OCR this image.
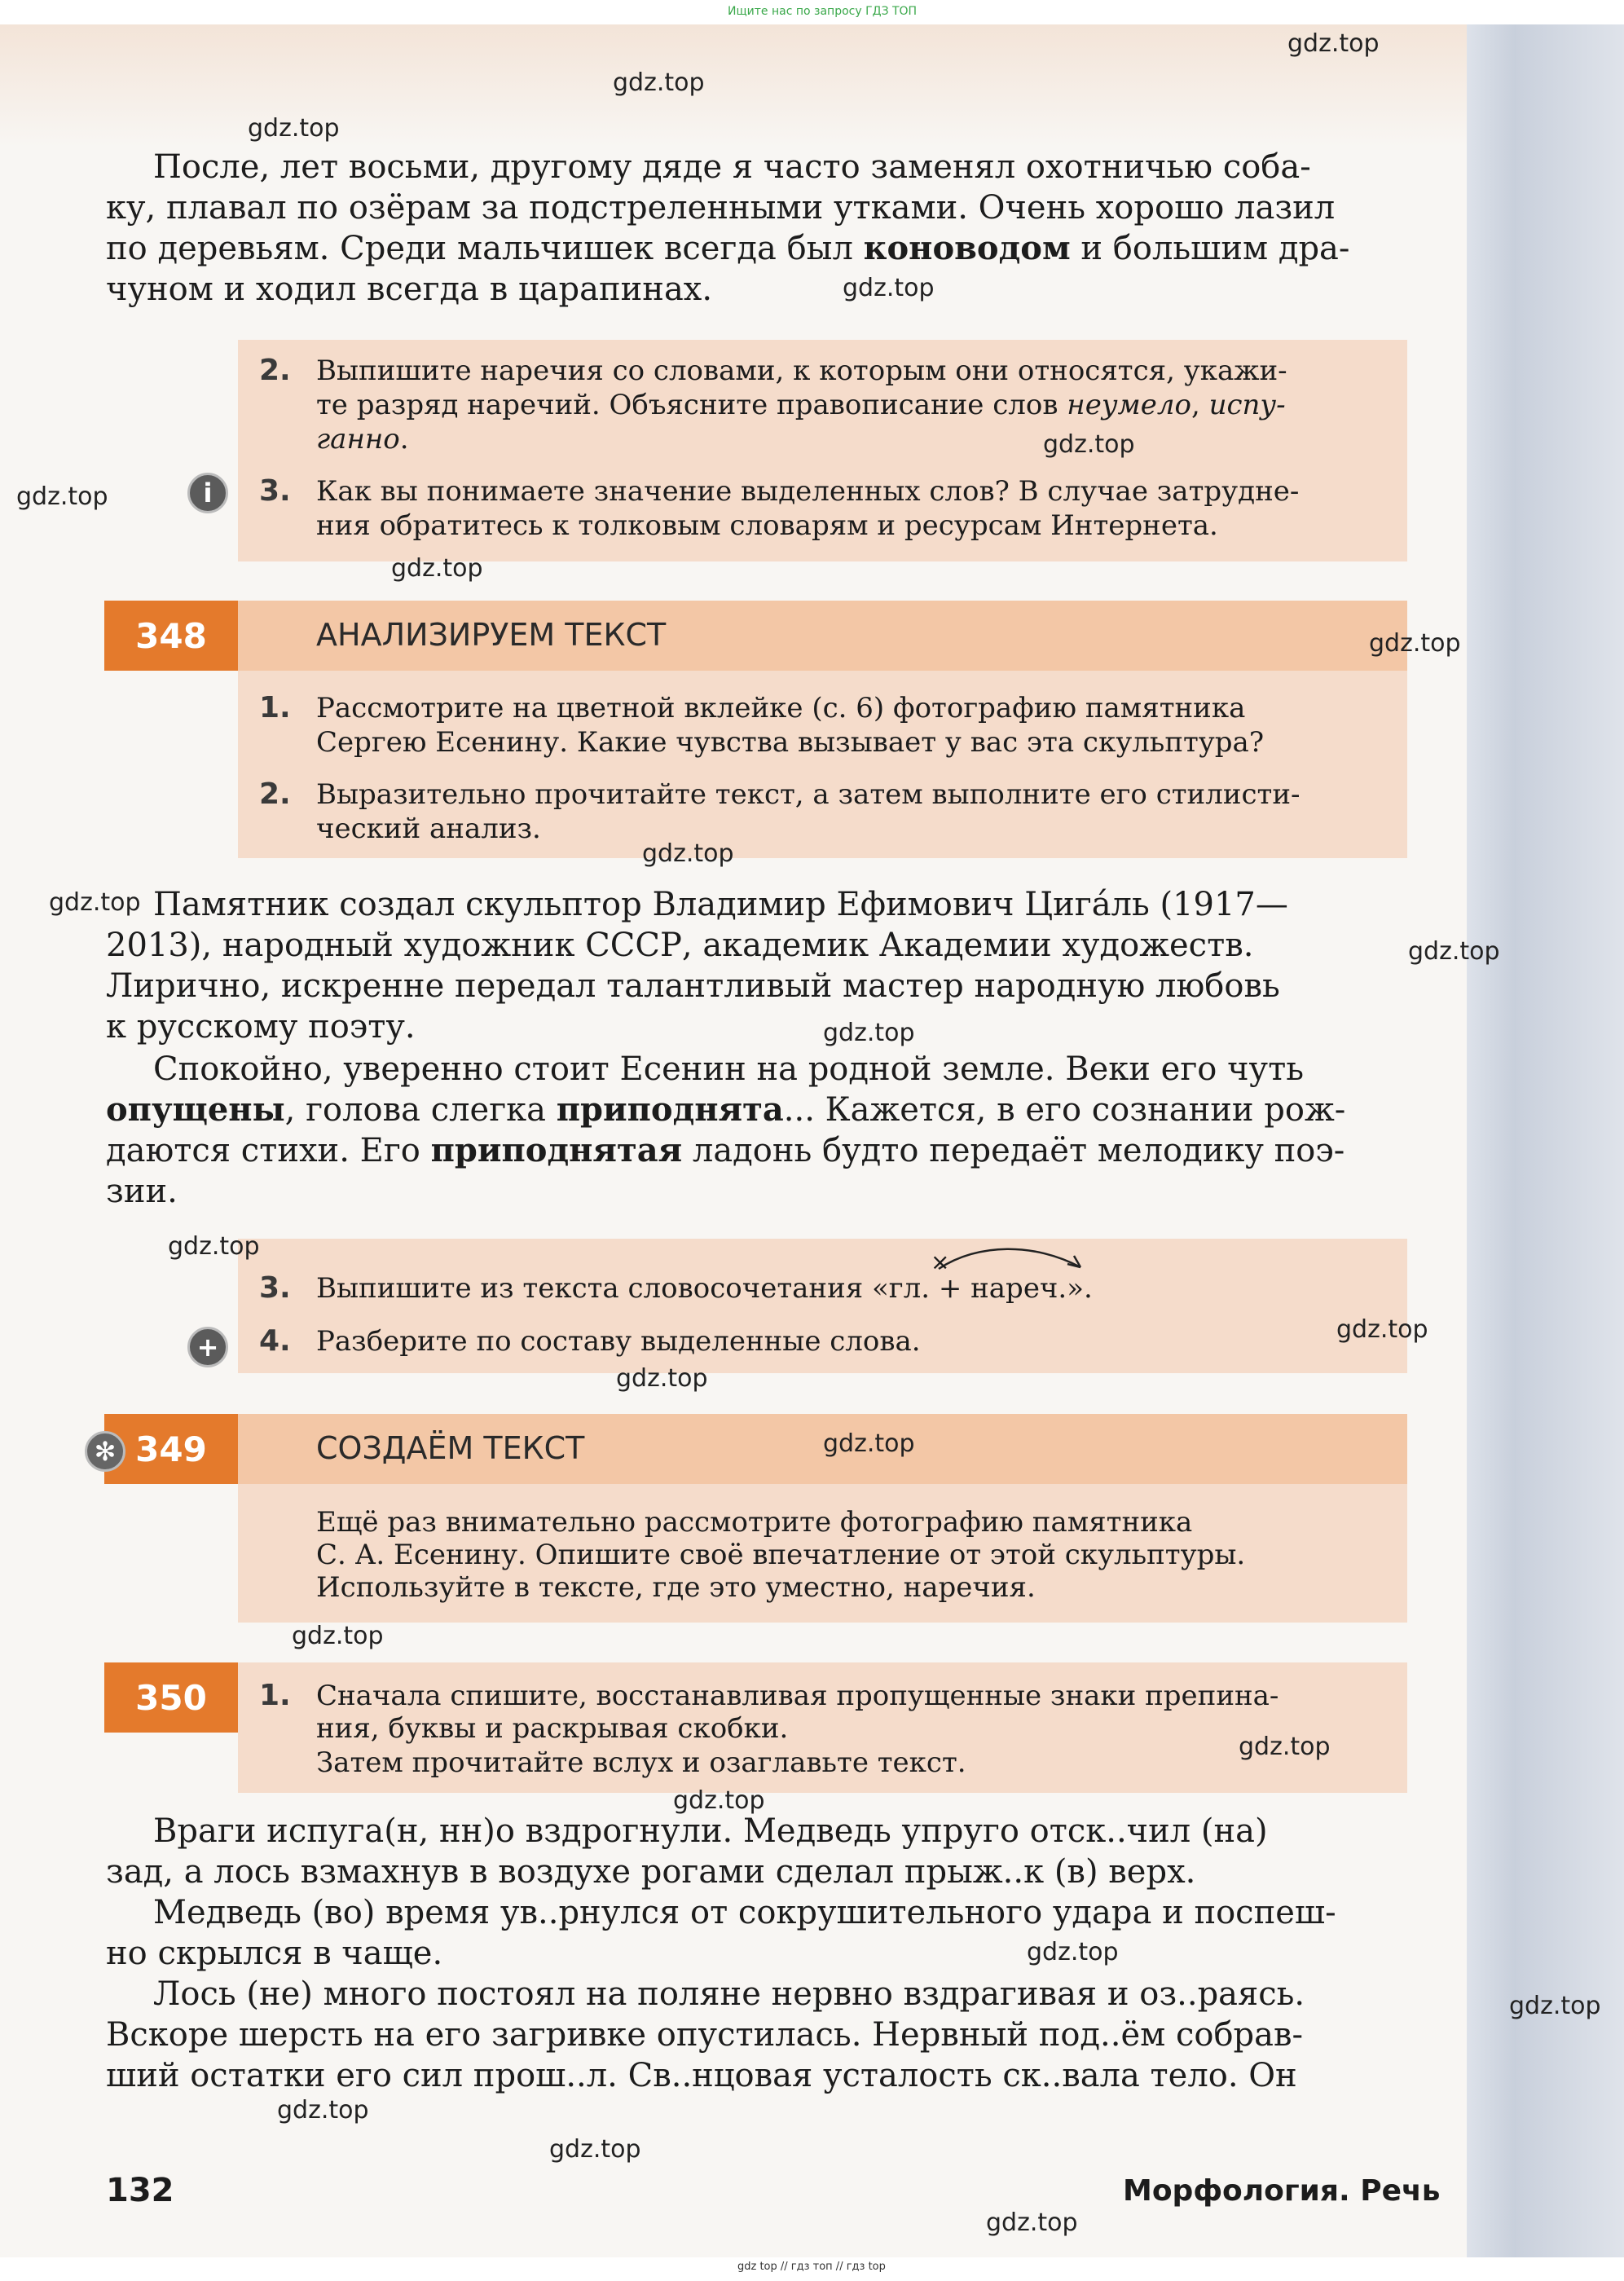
Ищите нас по запросу ГДЗ ТОП
После, лет восьми, другому дяде я часто заменял охотничью соба-
ку, плавал по озёрам за подстреленными утками. Очень хорошо лазил
по деревьям. Среди мальчишек всегда был коноводом и большим дра-
чуном и ходил всегда в царапинах.
2. Выпишите наречия со словами, к которым они относятся, укажи-
те разряд наречий. Объясните правописание слов неумело, испу-
ганно.
i	3. Как вы понимаете значение выделенных слов? В случае затрудне-
ния обратитесь к толковым словарям и ресурсам Интернета.
348	АНАЛИЗИРУЕМ ТЕКСТ
1. Рассмотрите на цветной вклейке (с. 6) фотографию памятника
Сергею Есенину. Какие чувства вызывает у вас эта скульптура?
2. Выразительно прочитайте текст, а затем выполните его стилисти-
ческий анализ.
Памятник создал скульптор Владимир Ефимович Цига́ль (1917—
2013), народный художник СССР, академик Академии художеств.
Лирично, искренне передал талантливый мастер народную любовь
к русскому поэту.
Спокойно, уверенно стоит Есенин на родной земле. Веки его чуть
опущены, голова слегка приподнята... Кажется, в его сознании рож-
даются стихи. Его приподнятая ладонь будто передаёт мелодику поэ-
зии.
3. Выпишите из текста словосочетания «гл. + нареч.».
×
+	4. Разберите по составу выделенные слова.
349
✻	СОЗДАЁМ ТЕКСТ
Ещё раз внимательно рассмотрите фотографию памятника
С. А. Есенину. Опишите своё впечатление от этой скульптуры.
Используйте в тексте, где это уместно, наречия.
350	1. Сначала спишите, восстанавливая пропущенные знаки препина-
ния, буквы и раскрывая скобки.
Затем прочитайте вслух и озаглавьте текст.
Враги испуга(н, нн)о вздрогнули. Медведь упруго отск..чил (на)
зад, а лось взмахнув в воздухе рогами сделал прыж..к (в) верх.
Медведь (во) время ув..рнулся от сокрушительного удара и поспеш-
но скрылся в чаще.
Лось (не) много постоял на поляне нервно вздрагивая и оз..раясь.
Вскоре шерсть на его загривке опустилась. Нервный под..ём собрав-
ший остатки его сил прош..л. Св..нцовая усталость ск..вала тело. Он
132	Морфология. Речь
gdz top // гдз топ // гдз top
gdz.top
gdz.top
gdz.top
gdz.top
gdz.top
gdz.top
gdz.top
gdz.top
gdz.top
gdz.top
gdz.top
gdz.top
gdz.top
gdz.top
gdz.top
gdz.top
gdz.top
gdz.top
gdz.top
gdz.top
gdz.top
gdz.top
gdz.top
gdz.top
